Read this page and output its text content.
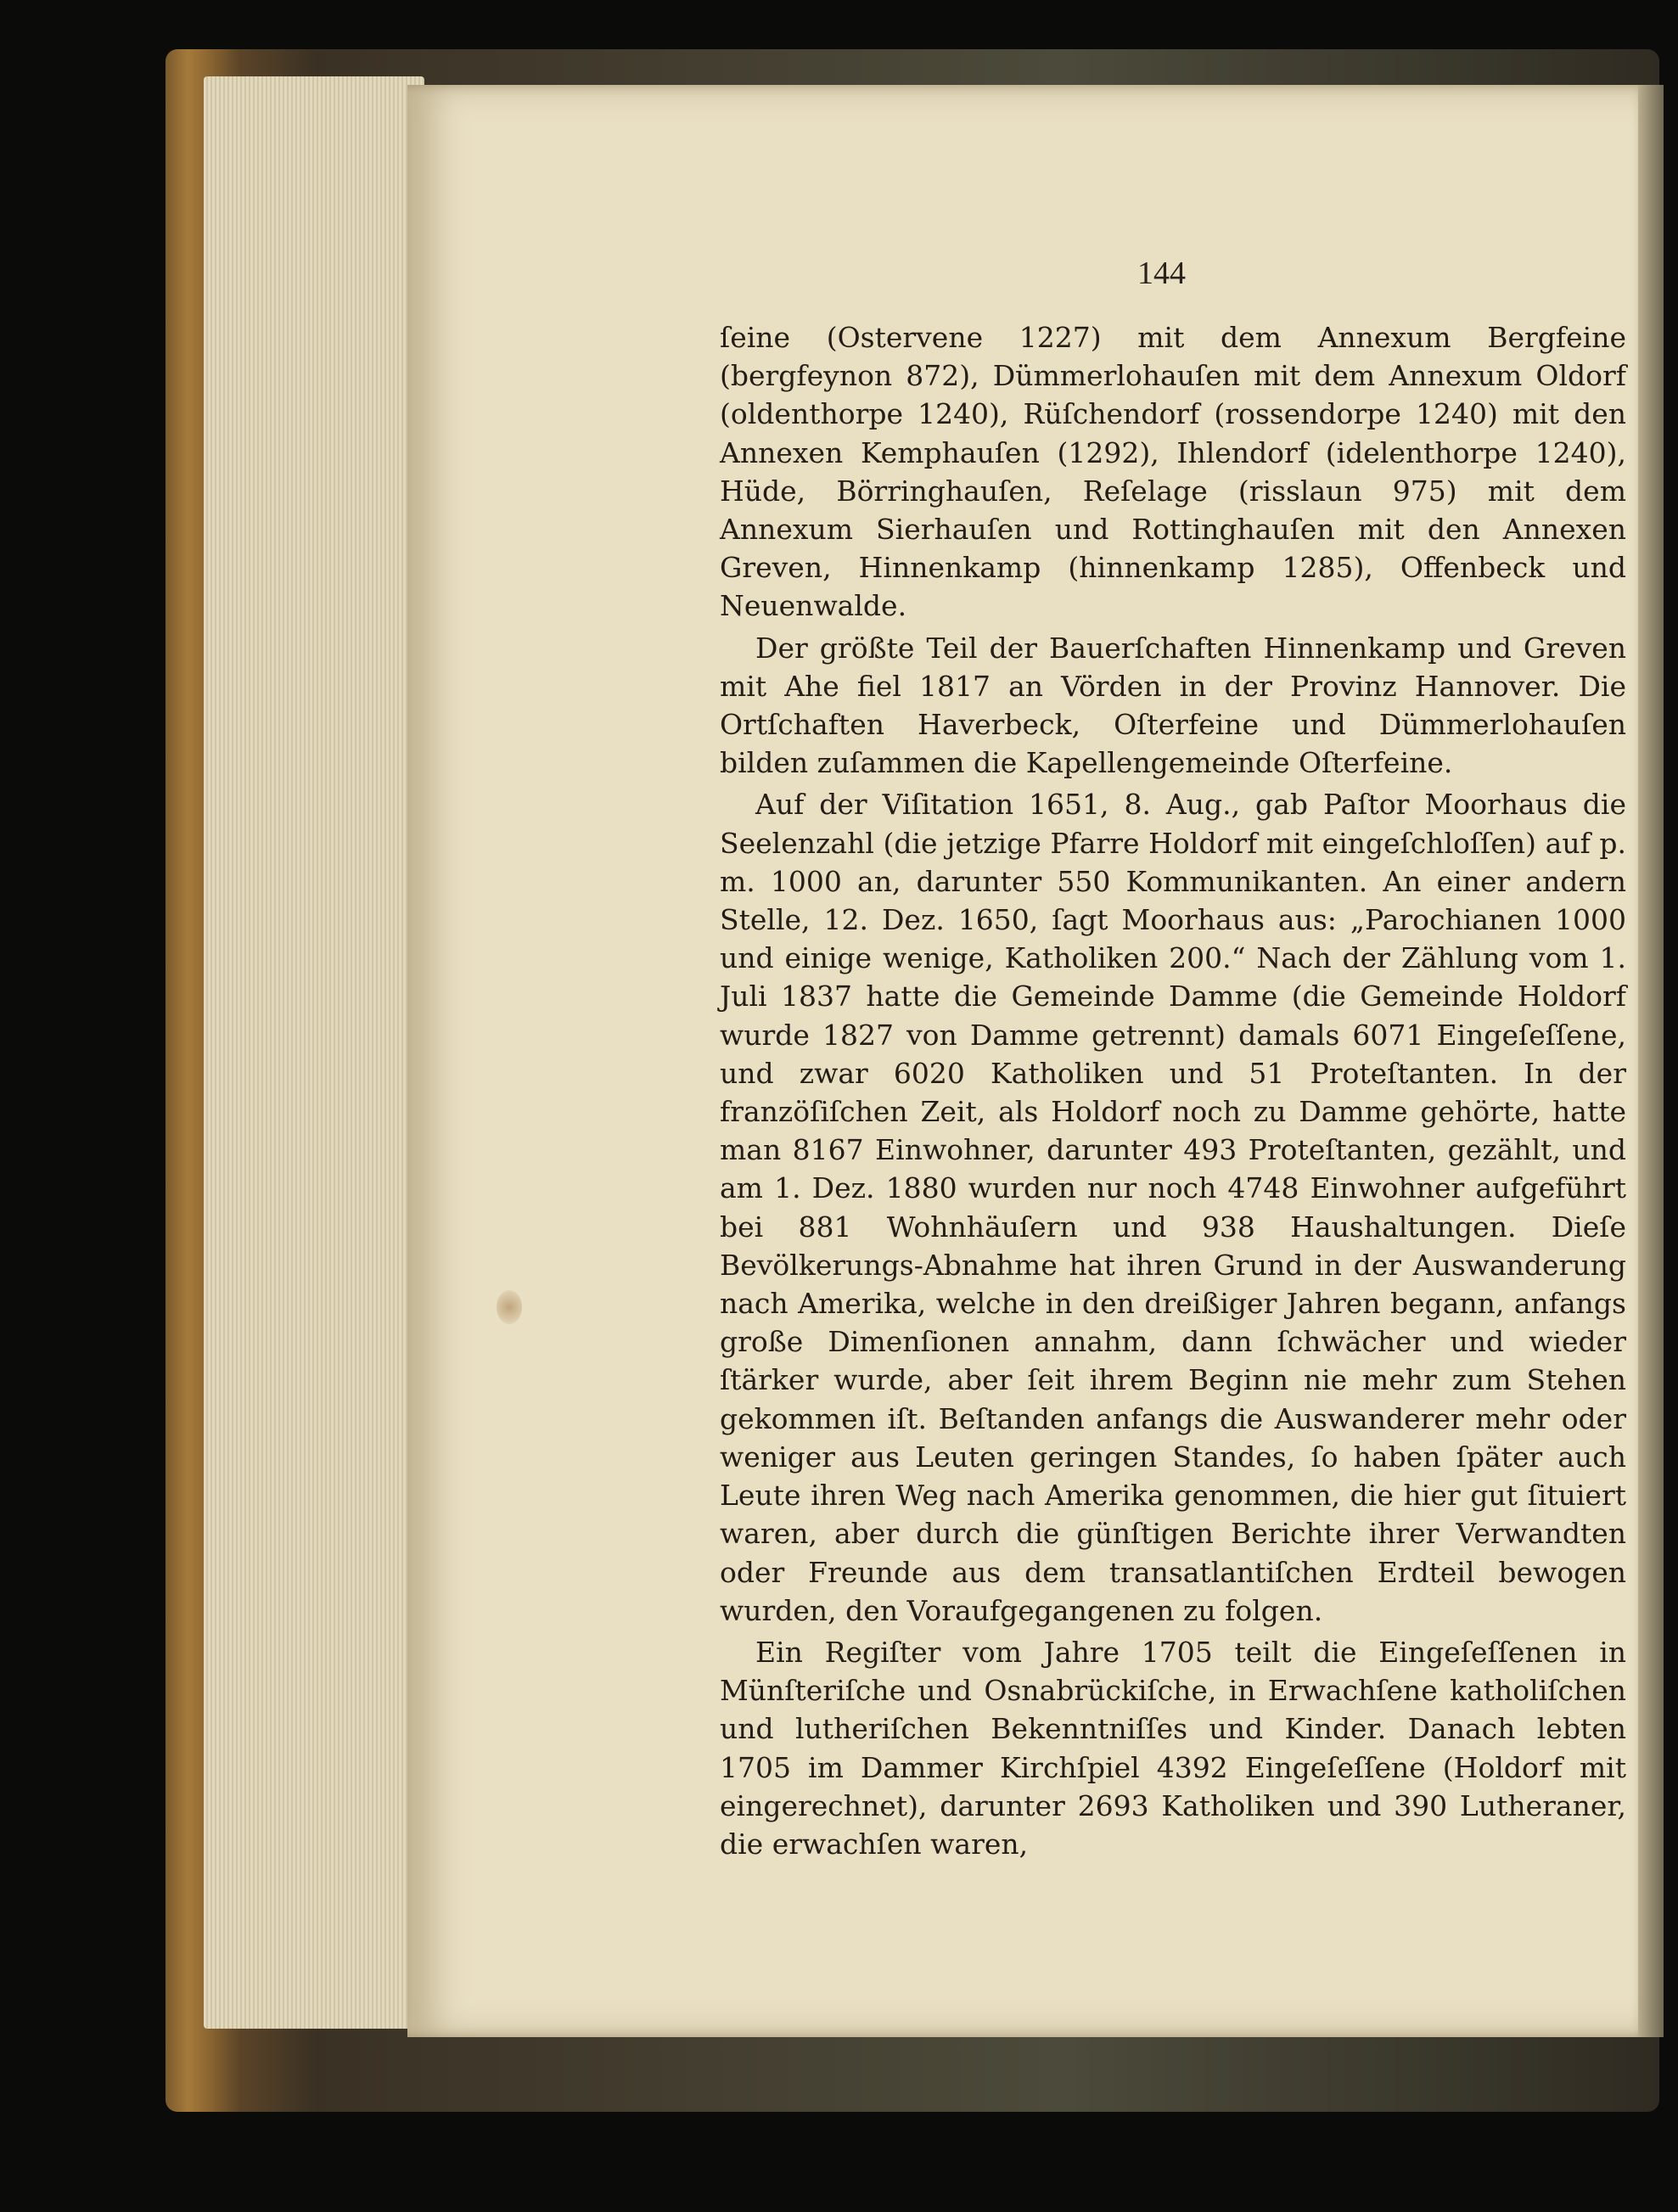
144

ſeine (Ostervene 1227) mit dem Annexum Bergfeine (bergfeynon 872), Dümmerlohauſen mit dem Annexum Oldorf (oldenthorpe 1240), Rüſchendorf (rossendorpe 1240) mit den Annexen Kemphauſen (1292), Ihlendorf (idelenthorpe 1240), Hüde, Börringhauſen, Reſelage (risslaun 975) mit dem Annexum Sierhauſen und Rottinghauſen mit den Annexen Greven, Hinnenkamp (hinnenkamp 1285), Offenbeck und Neuenwalde.

Der größte Teil der Bauerſchaften Hinnenkamp und Greven mit Ahe fiel 1817 an Vörden in der Provinz Hannover. Die Ortſchaften Haverbeck, Oſterfeine und Dümmerlohauſen bilden zuſammen die Kapellengemeinde Oſterfeine.

Auf der Viſitation 1651, 8. Aug., gab Paſtor Moorhaus die Seelenzahl (die jetzige Pfarre Holdorf mit eingeſchloſſen) auf p. m. 1000 an, darunter 550 Kommunikanten. An einer andern Stelle, 12. Dez. 1650, ſagt Moorhaus aus: „Parochianen 1000 und einige wenige, Katholiken 200.“ Nach der Zählung vom 1. Juli 1837 hatte die Gemeinde Damme (die Gemeinde Holdorf wurde 1827 von Damme getrennt) damals 6071 Eingeſeſſene, und zwar 6020 Katholiken und 51 Proteſtanten. In der franzöſiſchen Zeit, als Holdorf noch zu Damme gehörte, hatte man 8167 Einwohner, darunter 493 Proteſtanten, gezählt, und am 1. Dez. 1880 wurden nur noch 4748 Einwohner aufgeführt bei 881 Wohnhäuſern und 938 Haushaltungen. Dieſe Bevölkerungs-Abnahme hat ihren Grund in der Auswanderung nach Amerika, welche in den dreißiger Jahren begann, anfangs große Dimenſionen annahm, dann ſchwächer und wieder ſtärker wurde, aber ſeit ihrem Beginn nie mehr zum Stehen gekommen iſt. Beſtanden anfangs die Auswanderer mehr oder weniger aus Leuten geringen Standes, ſo haben ſpäter auch Leute ihren Weg nach Amerika genommen, die hier gut ſituiert waren, aber durch die günſtigen Berichte ihrer Verwandten oder Freunde aus dem transatlantiſchen Erdteil bewogen wurden, den Voraufgegangenen zu folgen.

Ein Regiſter vom Jahre 1705 teilt die Eingeſeſſenen in Münſteriſche und Osnabrückiſche, in Erwachſene katholiſchen und lutheriſchen Bekenntniſſes und Kinder. Danach lebten 1705 im Dammer Kirchſpiel 4392 Eingeſeſſene (Holdorf mit eingerechnet), darunter 2693 Katholiken und 390 Lutheraner, die erwachſen waren,
